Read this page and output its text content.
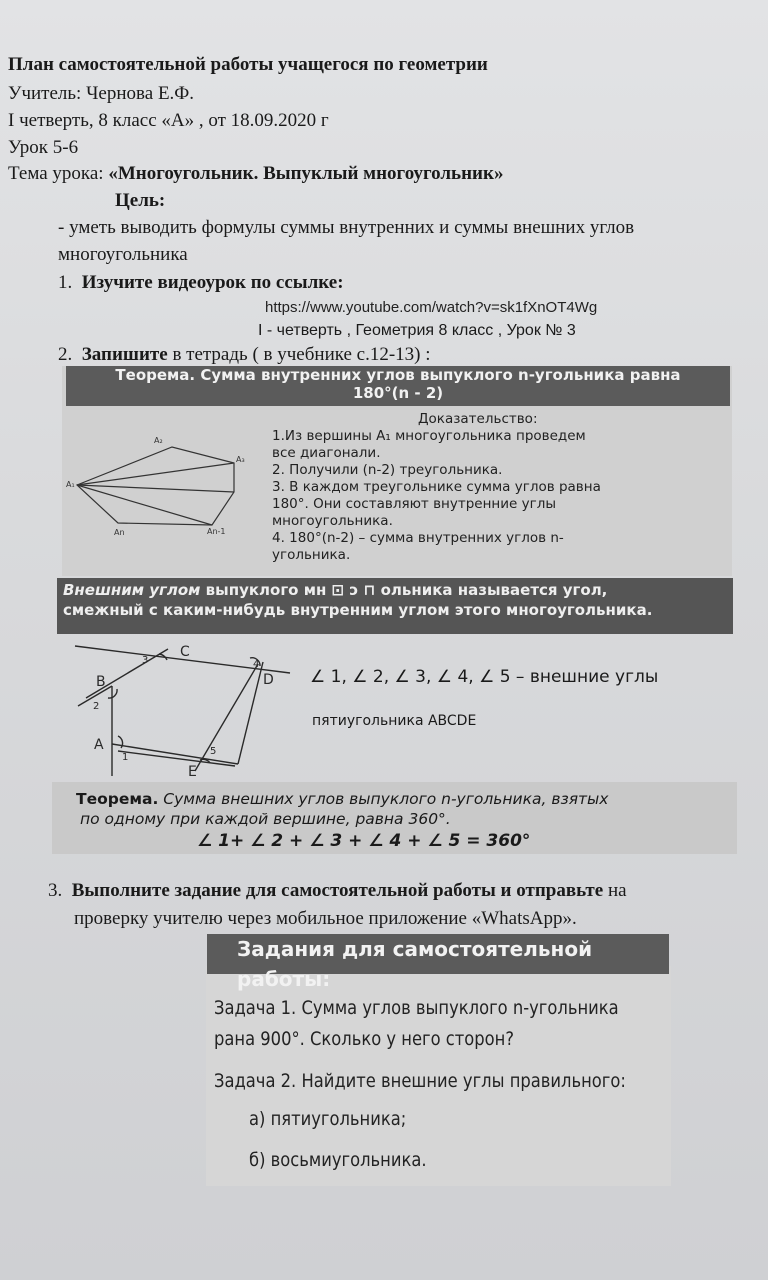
План самостоятельной работы учащегося по геометрии
Учитель: Чернова Е.Ф.
I четверть, 8 класс «А» , от 18.09.2020 г
Урок 5-6
Тема урока: «Многоугольник. Выпуклый многоугольник»
Цель:
- уметь выводить формулы суммы внутренних и суммы внешних углов
многоугольника
1. Изучите видеоурок по ссылке:
https://www.youtube.com/watch?v=sk1fXnOT4Wg
I - четверть , Геометрия 8 класс , Урок № 3
2. Запишите в тетрадь ( в учебнике с.12-13) :
Теорема. Сумма внутренних углов выпуклого n-угольника равна
180°(n - 2)
A₂
A₃
A₁
An	An-1
Доказательство:
1.Из вершины A₁ многоугольника проведем
все диагонали.
2. Получили (n-2) треугольника.
3. В каждом треугольнике сумма углов равна
180°. Они составляют внутренние углы
многоугольника.
4. 180°(n-2) – сумма внутренних углов n-
угольника.
Внешним углом выпуклого мн ⊡ ↄ ⊓ ольника называется угол,
смежный с каким-нибудь внутренним углом этого многоугольника.
C
B	D
A
E
3	4
2
1
5
∠ 1, ∠ 2, ∠ 3, ∠ 4, ∠ 5 – внешние углы
пятиугольника ABCDE
Теорема. Сумма внешних углов выпуклого n-угольника, взятых
по одному при каждой вершине, равна 360°.
∠ 1+ ∠ 2 + ∠ 3 + ∠ 4 + ∠ 5 = 360°
3. Выполните задание для самостоятельной работы и отправьте на
проверку учителю через мобильное приложение «WhatsApp».
Задания для самостоятельной работы:
Задача 1. Сумма углов выпуклого n-угольника
рана 900°. Сколько у него сторон?
Задача 2. Найдите внешние углы правильного:
а) пятиугольника;
б) восьмиугольника.
